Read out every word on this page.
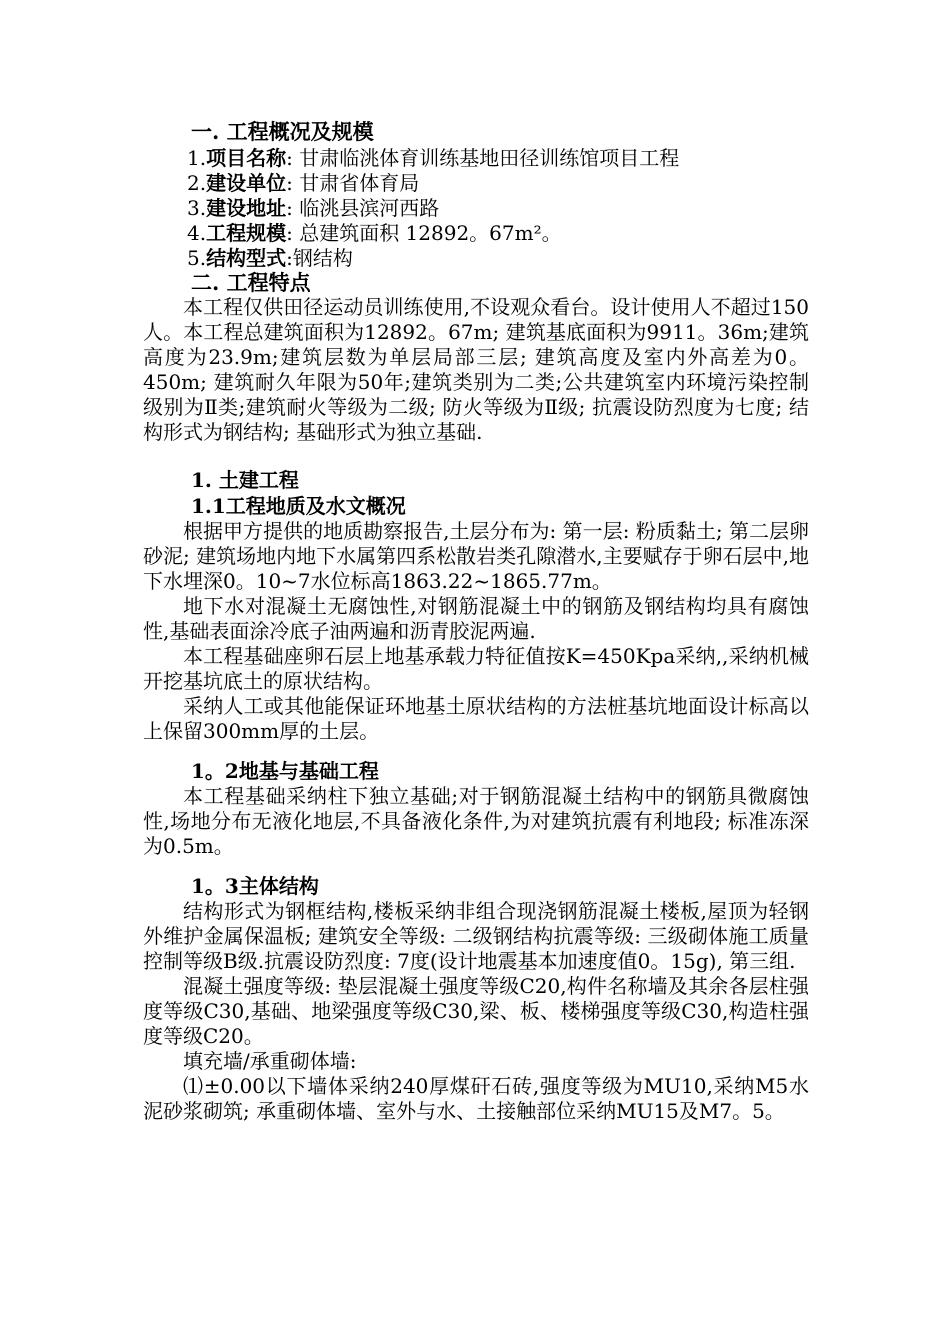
一. 工程概况及规模
1.项目名称: 甘肃临洮体育训练基地田径训练馆项目工程
2.建设单位: 甘肃省体育局
3.建设地址: 临洮县滨河西路
4.工程规模: 总建筑面积 12892。67m²。
5.结构型式:钢结构
二. 工程特点

本工程仅供田径运动员训练使用,不设观众看台。设计使用人不超过150人。本工程总建筑面积为12892。67m; 建筑基底面积为9911。36m;建筑高度为23.9m;建筑层数为单层局部三层; 建筑高度及室内外高差为0。450m; 建筑耐久年限为50年;建筑类别为二类;公共建筑室内环境污染控制级别为Ⅱ类;建筑耐火等级为二级; 防火等级为Ⅱ级; 抗震设防烈度为七度; 结构形式为钢结构; 基础形式为独立基础.

1. 土建工程
1.1工程地质及水文概况

根据甲方提供的地质勘察报告,土层分布为: 第一层: 粉质黏土; 第二层卵砂泥; 建筑场地内地下水属第四系松散岩类孔隙潜水,主要赋存于卵石层中,地下水埋深0。10~7水位标高1863.22~1865.77m。

地下水对混凝土无腐蚀性,对钢筋混凝土中的钢筋及钢结构均具有腐蚀性,基础表面涂冷底子油两遍和沥青胶泥两遍.

本工程基础座卵石层上地基承载力特征值按K=450Kpa采纳,,采纳机械开挖基坑底土的原状结构。

采纳人工或其他能保证环地基土原状结构的方法桩基坑地面设计标高以上保留300mm厚的土层。

1。2地基与基础工程

本工程基础采纳柱下独立基础;对于钢筋混凝土结构中的钢筋具微腐蚀性,场地分布无液化地层,不具备液化条件,为对建筑抗震有利地段; 标准冻深为0.5m。

1。3主体结构

结构形式为钢框结构,楼板采纳非组合现浇钢筋混凝土楼板,屋顶为轻钢外维护金属保温板; 建筑安全等级: 二级钢结构抗震等级: 三级砌体施工质量控制等级B级.抗震设防烈度: 7度(设计地震基本加速度值0。15g), 第三组.

混凝土强度等级: 垫层混凝土强度等级C20,构件名称墙及其余各层柱强度等级C30,基础、地梁强度等级C30,梁、板、楼梯强度等级C30,构造柱强度等级C20。

填充墙/承重砌体墙:

⑴±0.00以下墙体采纳240厚煤矸石砖,强度等级为MU10,采纳M5水泥砂浆砌筑; 承重砌体墙、室外与水、土接触部位采纳MU15及M7。5。
